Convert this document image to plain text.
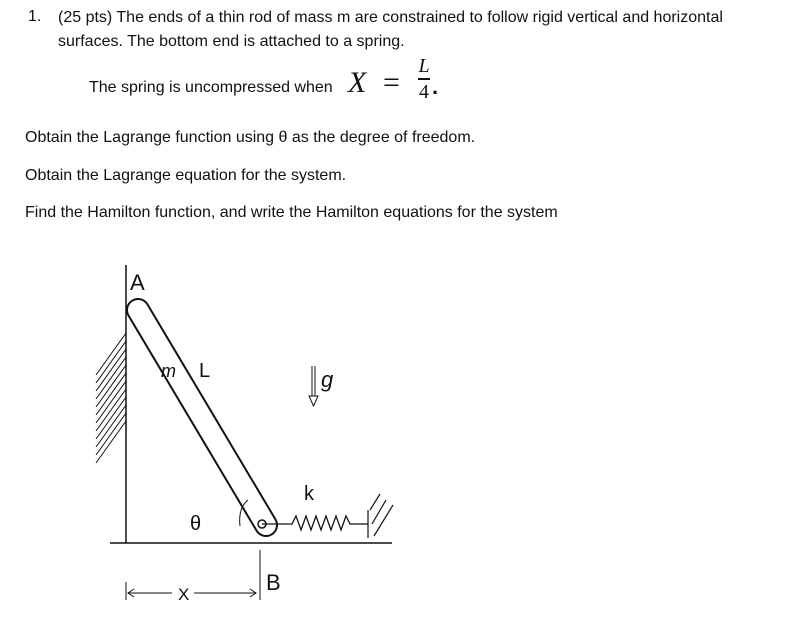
1. (25 pts) The ends of a thin rod of mass m are constrained to follow rigid vertical and horizontal
surfaces. The bottom end is attached to a spring.
The spring is uncompressed when X = L
4 .
Obtain the Lagrange function using θ as the degree of freedom.
Obtain the Lagrange equation for the system.
Find the Hamilton function, and write the Hamilton equations for the system
A
m L	g
k
θ
X	B
